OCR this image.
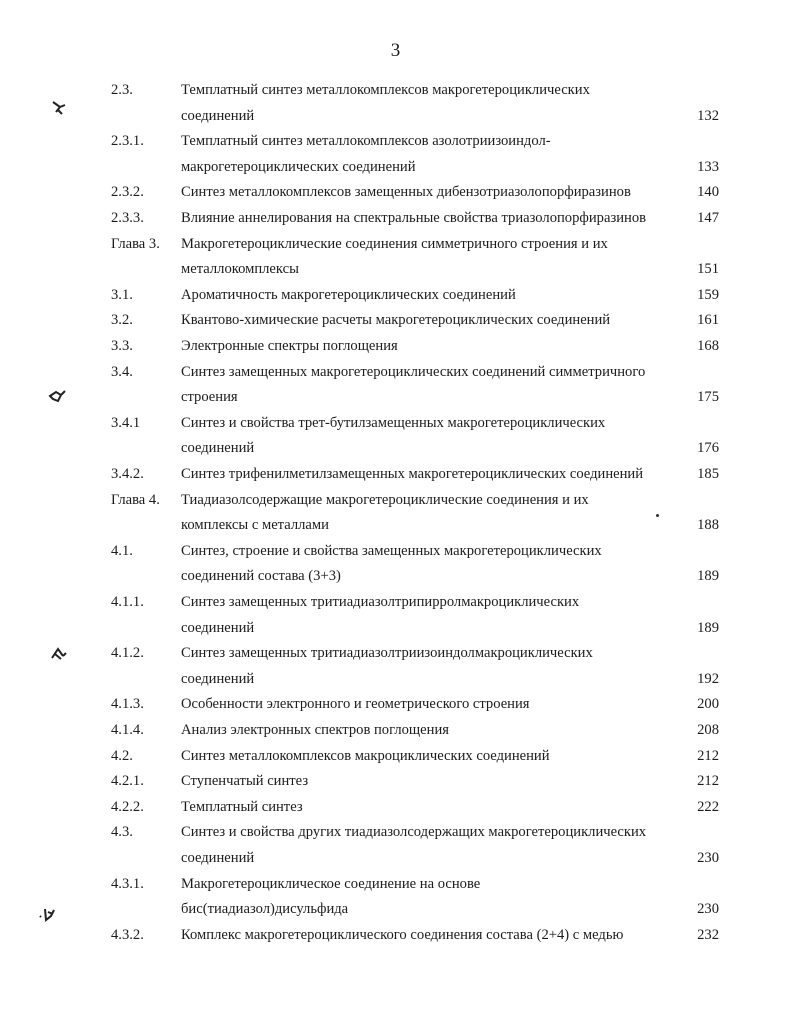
3
2.3.	Темплатный синтез металлокомплексов макрогетероциклических
соединений	132
2.3.1.	Темплатный синтез металлокомплексов азолотриизоиндол-
макрогетероциклических соединений	133
2.3.2.	Синтез металлокомплексов замещенных дибензотриазолопорфиразинов	140
2.3.3.	Влияние аннелирования на спектральные свойства триазолопорфиразинов	147
Глава 3. Макрогетероциклические соединения симметричного строения и их
металлокомплексы	151
3.1.	Ароматичность макрогетероциклических соединений	159
3.2.	Квантово-химические расчеты макрогетероциклических соединений	161
3.3.	Электронные спектры поглощения	168
3.4.	Синтез замещенных макрогетероциклических соединений симметричного
строения	175
3.4.1	Синтез и свойства трет-бутилзамещенных макрогетероциклических
соединений	176
3.4.2.	Синтез трифенилметилзамещенных макрогетероциклических соединений	185
Глава 4. Тиадиазолсодержащие макрогетероциклические соединения и их
комплексы с металлами	188
4.1.	Синтез, строение и свойства замещенных макрогетероциклических
соединений состава (3+3)	189
4.1.1.	Синтез замещенных тритиадиазолтрипирролмакроциклических
соединений	189
4.1.2.	Синтез замещенных тритиадиазолтриизоиндолмакроциклических
соединений	192
4.1.3.	Особенности электронного и геометрического строения	200
4.1.4.	Анализ электронных спектров поглощения	208
4.2.	Синтез металлокомплексов макроциклических соединений	212
4.2.1.	Ступенчатый синтез	212
4.2.2.	Темплатный синтез	222
4.3.	Синтез и свойства других тиадиазолсодержащих макрогетероциклических
соединений	230
4.3.1.	Макрогетероциклическое соединение на основе
бис(тиадиазол)дисульфида	230
4.3.2.	Комплекс макрогетероциклического соединения состава (2+4) с медью	232
